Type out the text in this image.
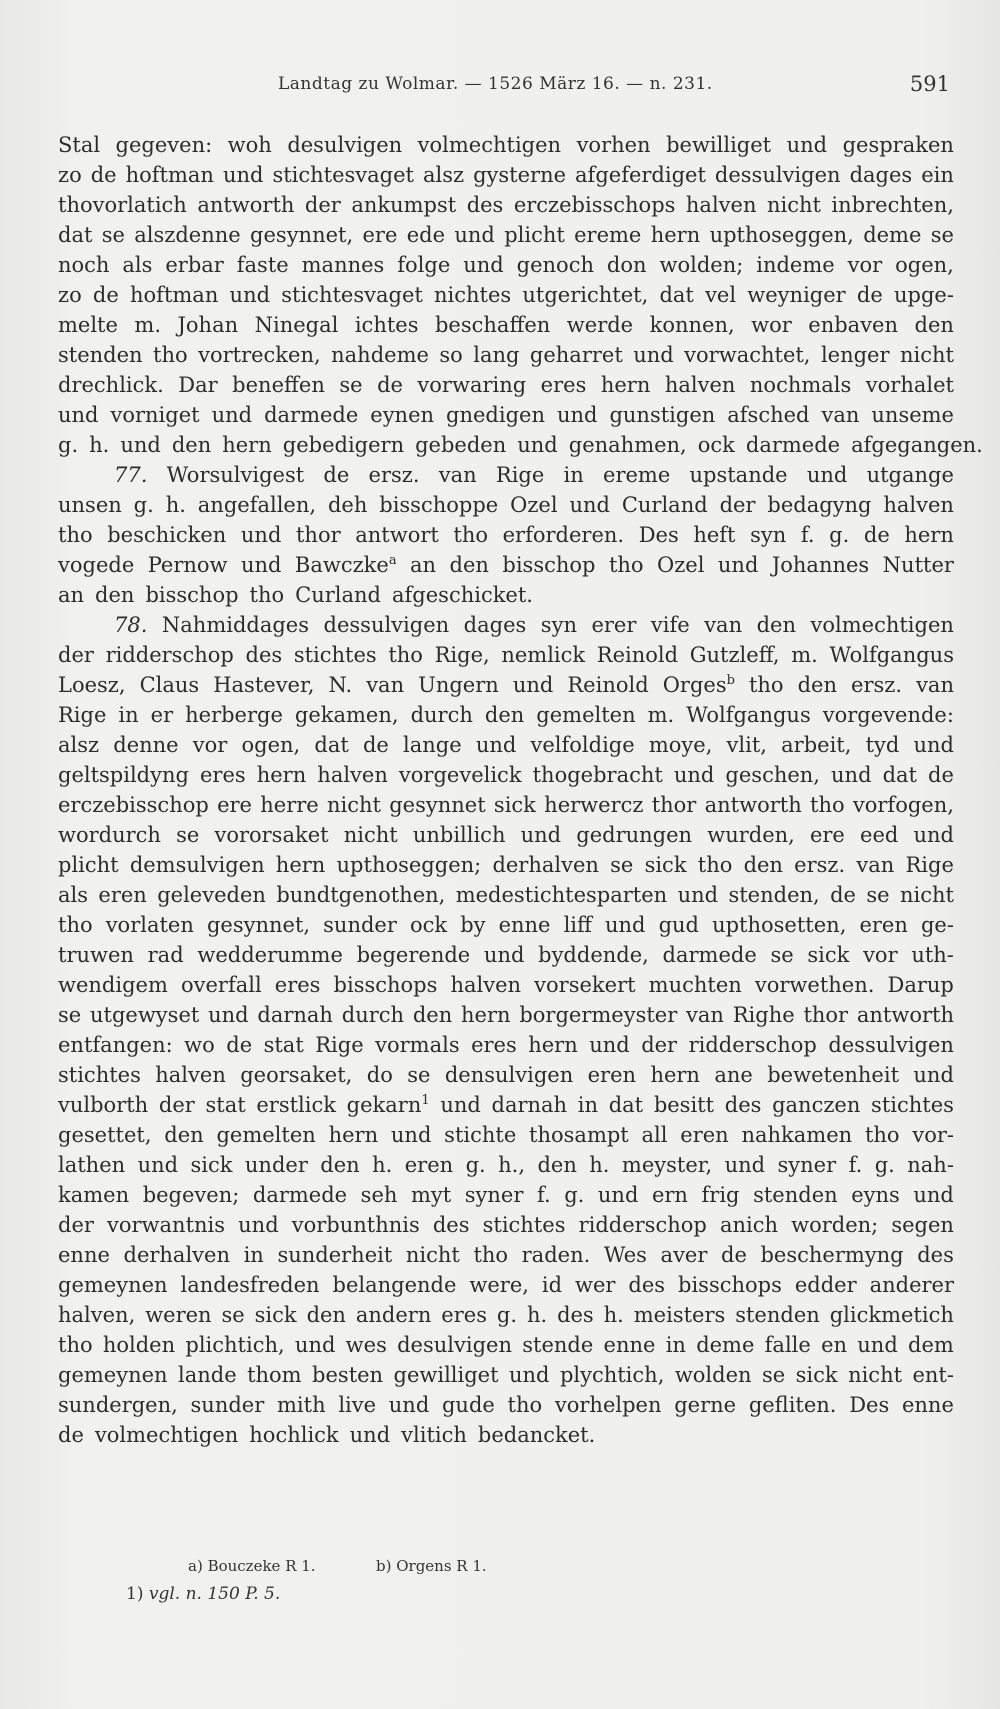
Landtag zu Wolmar. — 1526 März 16. — n. 231.	591
Stal gegeven: woh desulvigen volmechtigen vorhen bewilliget und gespraken
zo de hoftman und stichtesvaget alsz gysterne afgeferdiget dessulvigen dages ein
thovorlatich antworth der ankumpst des erczebisschops halven nicht inbrechten,
dat se alszdenne gesynnet, ere ede und plicht ereme hern upthoseggen, deme se
noch als erbar faste mannes folge und genoch don wolden; indeme vor ogen,
zo de hoftman und stichtesvaget nichtes utgerichtet, dat vel weyniger de upge-
melte m. Johan Ninegal ichtes beschaffen werde konnen, wor enbaven den
stenden tho vortrecken, nahdeme so lang geharret und vorwachtet, lenger nicht
drechlick. Dar beneffen se de vorwaring eres hern halven nochmals vorhalet
und vorniget und darmede eynen gnedigen und gunstigen afsched van unseme
g. h. und den hern gebedigern gebeden und genahmen, ock darmede afgegangen.
77. Worsulvigest de ersz. van Rige in ereme upstande und utgange
unsen g. h. angefallen, deh bisschoppe Ozel und Curland der bedagyng halven
tho beschicken und thor antwort tho erforderen. Des heft syn f. g. de hern
vogede Pernow und Bawczke$^a$ an den bisschop tho Ozel und Johannes Nutter
an den bisschop tho Curland afgeschicket.
78. Nahmiddages dessulvigen dages syn erer vife van den volmechtigen
der ridderschop des stichtes tho Rige, nemlick Reinold Gutzleff, m. Wolfgangus
Loesz, Claus Hastever, N. van Ungern und Reinold Orges$^b$ tho den ersz. van
Rige in er herberge gekamen, durch den gemelten m. Wolfgangus vorgevende:
alsz denne vor ogen, dat de lange und velfoldige moye, vlit, arbeit, tyd und
geltspildyng eres hern halven vorgevelick thogebracht und geschen, und dat de
erczebisschop ere herre nicht gesynnet sick herwercz thor antworth tho vorfogen,
wordurch se vororsaket nicht unbillich und gedrungen wurden, ere eed und
plicht demsulvigen hern upthoseggen; derhalven se sick tho den ersz. van Rige
als eren geleveden bundtgenothen, medestichtesparten und stenden, de se nicht
tho vorlaten gesynnet, sunder ock by enne liff und gud upthosetten, eren ge-
truwen rad wedderumme begerende und byddende, darmede se sick vor uth-
wendigem overfall eres bisschops halven vorsekert muchten vorwethen. Darup
se utgewyset und darnah durch den hern borgermeyster van Righe thor antworth
entfangen: wo de stat Rige vormals eres hern und der ridderschop dessulvigen
stichtes halven georsaket, do se densulvigen eren hern ane bewetenheit und
vulborth der stat erstlick gekarn$^1$ und darnah in dat besitt des ganczen stichtes
gesettet, den gemelten hern und stichte thosampt all eren nahkamen tho vor-
lathen und sick under den h. eren g. h., den h. meyster, und syner f. g. nah-
kamen begeven; darmede seh myt syner f. g. und ern frig stenden eyns und
der vorwantnis und vorbunthnis des stichtes ridderschop anich worden; segen
enne derhalven in sunderheit nicht tho raden. Wes aver de beschermyng des
gemeynen landesfreden belangende were, id wer des bisschops edder anderer
halven, weren se sick den andern eres g. h. des h. meisters stenden glickmetich
tho holden plichtich, und wes desulvigen stende enne in deme falle en und dem
gemeynen lande thom besten gewilliget und plychtich, wolden se sick nicht ent-
sundergen, sunder mith live und gude tho vorhelpen gerne gefliten. Des enne
de volmechtigen hochlick und vlitich bedancket.
a) Bouczeke R 1.	b) Orgens R 1.
1) vgl. n. 150 P. 5.
